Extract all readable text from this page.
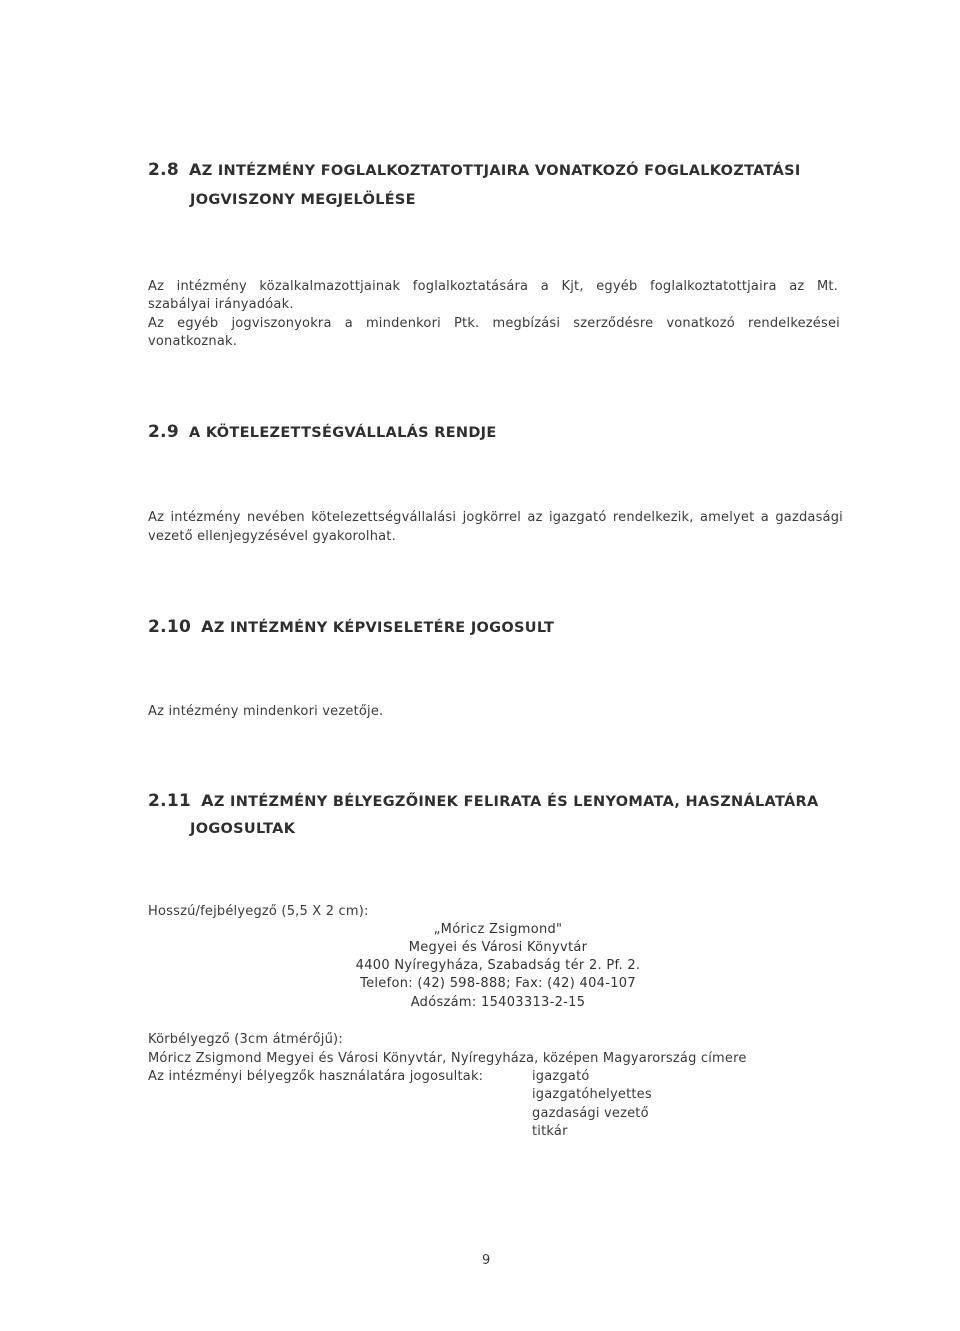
2.8 AZ INTÉZMÉNY FOGLALKOZTATOTTJAIRA VONATKOZÓ FOGLALKOZTATÁSI
JOGVISZONY MEGJELÖLÉSE
Az intézmény közalkalmazottjainak foglalkoztatására a Kjt, egyéb foglalkoztatottjaira az Mt.
szabályai irányadóak.
Az egyéb jogviszonyokra a mindenkori Ptk. megbízási szerződésre vonatkozó rendelkezései
vonatkoznak.
2.9 A KÖTELEZETTSÉGVÁLLALÁS RENDJE
Az intézmény nevében kötelezettségvállalási jogkörrel az igazgató rendelkezik, amelyet a gazdasági
vezető ellenjegyzésével gyakorolhat.
2.10 AZ INTÉZMÉNY KÉPVISELETÉRE JOGOSULT
Az intézmény mindenkori vezetője.
2.11 AZ INTÉZMÉNY BÉLYEGZŐINEK FELIRATA ÉS LENYOMATA, HASZNÁLATÁRA
JOGOSULTAK
Hosszú/fejbélyegző (5,5 X 2 cm):
„Móricz Zsigmond"
Megyei és Városi Könyvtár
4400 Nyíregyháza, Szabadság tér 2. Pf. 2.
Telefon: (42) 598-888; Fax: (42) 404-107
Adószám: 15403313-2-15
Körbélyegző (3cm átmérőjű):
Móricz Zsigmond Megyei és Városi Könyvtár, Nyíregyháza, középen Magyarország címere
Az intézményi bélyegzők használatára jogosultak:	igazgató
igazgatóhelyettes
gazdasági vezető
titkár
9
